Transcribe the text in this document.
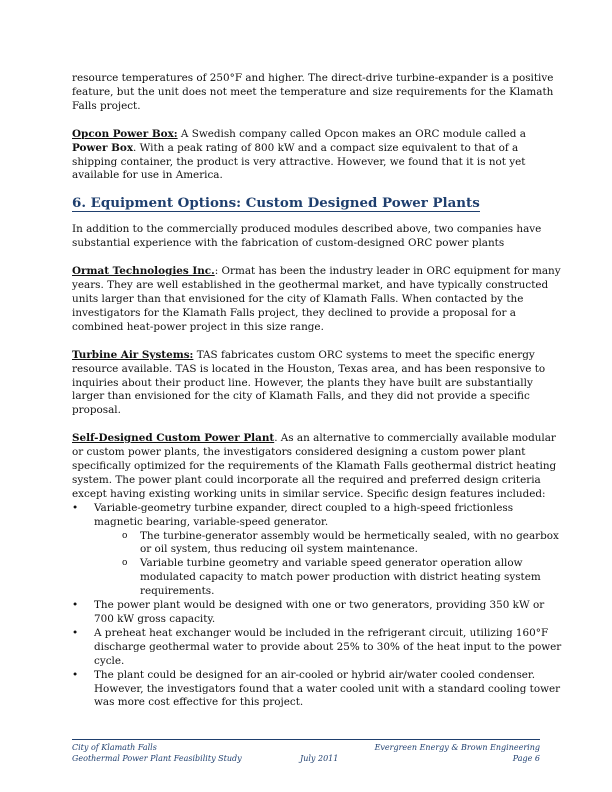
resource temperatures of 250°F and higher. The direct-drive turbine-expander is a positive feature, but the unit does not meet the temperature and size requirements for the Klamath Falls project.

Opcon Power Box: A Swedish company called Opcon makes an ORC module called a Power Box. With a peak rating of 800 kW and a compact size equivalent to that of a shipping container, the product is very attractive. However, we found that it is not yet available for use in America.

6. Equipment Options: Custom Designed Power Plants

In addition to the commercially produced modules described above, two companies have substantial experience with the fabrication of custom-designed ORC power plants

Ormat Technologies Inc.: Ormat has been the industry leader in ORC equipment for many years. They are well established in the geothermal market, and have typically constructed units larger than that envisioned for the city of Klamath Falls. When contacted by the investigators for the Klamath Falls project, they declined to provide a proposal for a combined heat-power project in this size range.

Turbine Air Systems: TAS fabricates custom ORC systems to meet the specific energy resource available. TAS is located in the Houston, Texas area, and has been responsive to inquiries about their product line. However, the plants they have built are substantially larger than envisioned for the city of Klamath Falls, and they did not provide a specific proposal.

Self-Designed Custom Power Plant. As an alternative to commercially available modular or custom power plants, the investigators considered designing a custom power plant specifically optimized for the requirements of the Klamath Falls geothermal district heating system. The power plant could incorporate all the required and preferred design criteria except having existing working units in similar service. Specific design features included:

• Variable-geometry turbine expander, direct coupled to a high-speed frictionless magnetic bearing, variable-speed generator.
o The turbine-generator assembly would be hermetically sealed, with no gearbox or oil system, thus reducing oil system maintenance.
o Variable turbine geometry and variable speed generator operation allow modulated capacity to match power production with district heating system requirements.
• The power plant would be designed with one or two generators, providing 350 kW or 700 kW gross capacity.
• A preheat heat exchanger would be included in the refrigerant circuit, utilizing 160°F discharge geothermal water to provide about 25% to 30% of the heat input to the power cycle.
• The plant could be designed for an air-cooled or hybrid air/water cooled condenser. However, the investigators found that a water cooled unit with a standard cooling tower was more cost effective for this project.
City of Klamath Falls	Evergreen Energy & Brown Engineering
Geothermal Power Plant Feasibility Study	July 2011	Page 6
